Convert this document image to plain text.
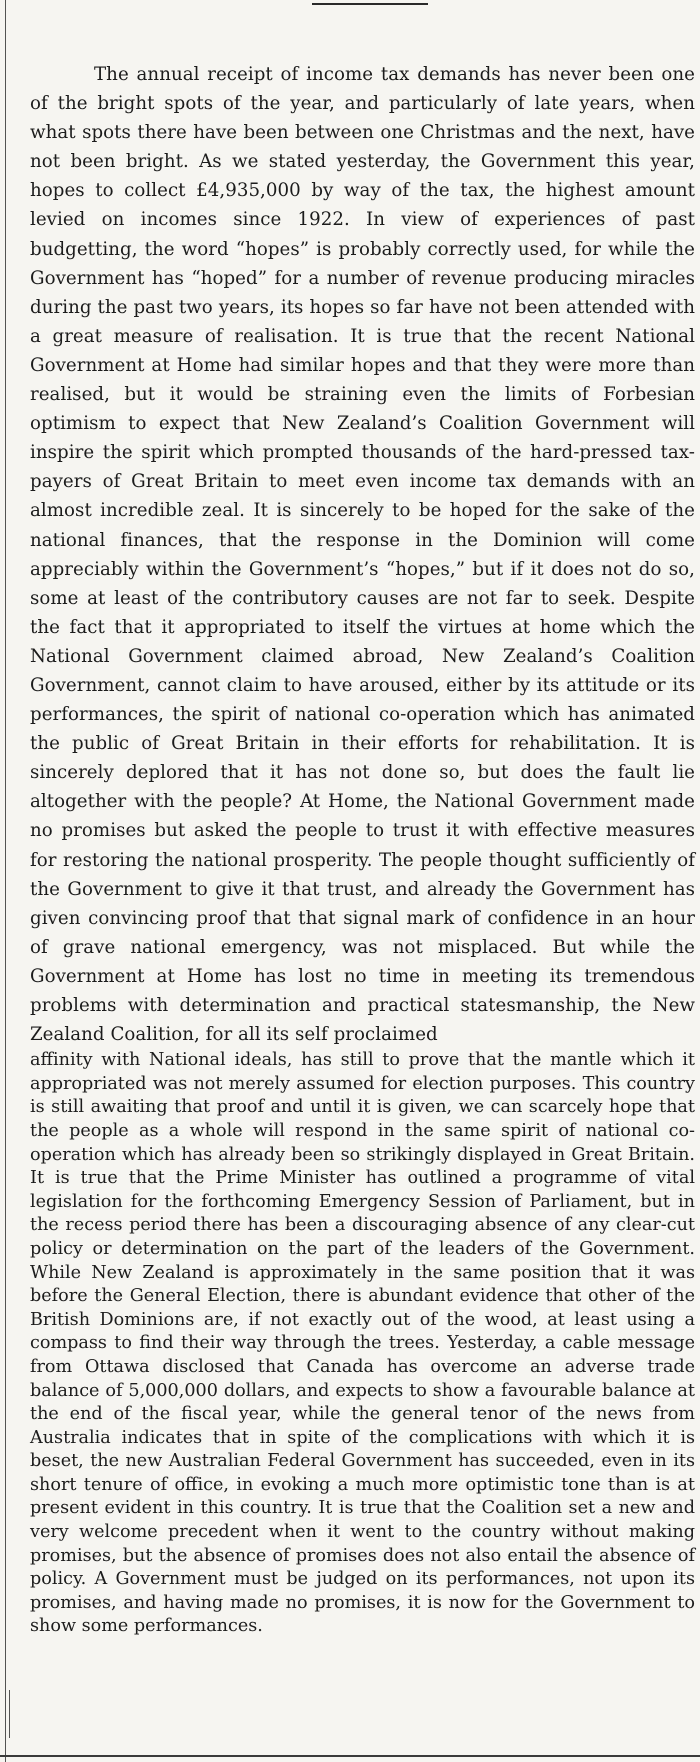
The annual receipt of income tax demands has never been one of the bright spots of the year, and particularly of late years, when what spots there have been between one Christmas and the next, have not been bright. As we stated yesterday, the Government this year, hopes to collect £4,935,000 by way of the tax, the highest amount levied on incomes since 1922. In view of experiences of past budgetting, the word “hopes” is probably correctly used, for while the Government has “hoped” for a number of revenue producing miracles during the past two years, its hopes so far have not been attended with a great measure of realisation. It is true that the recent National Government at Home had similar hopes and that they were more than realised, but it would be straining even the limits of Forbesian optimism to expect that New Zealand’s Coalition Government will inspire the spirit which prompted thousands of the hard-pressed tax-payers of Great Britain to meet even income tax demands with an almost incredible zeal. It is sincerely to be hoped for the sake of the national finances, that the response in the Dominion will come appreciably within the Government’s “hopes,” but if it does not do so, some at least of the contributory causes are not far to seek. Despite the fact that it appropriated to itself the virtues at home which the National Government claimed abroad, New Zealand’s Coalition Government, cannot claim to have aroused, either by its attitude or its performances, the spirit of national co-operation which has animated the public of Great Britain in their efforts for rehabilitation. It is sincerely deplored that it has not done so, but does the fault lie altogether with the people? At Home, the National Government made no promises but asked the people to trust it with effective measures for restoring the national prosperity. The people thought sufficiently of the Government to give it that trust, and already the Government has given convincing proof that that signal mark of confidence in an hour of grave national emergency, was not misplaced. But while the Government at Home has lost no time in meeting its tremendous problems with determination and practical statesmanship, the New Zealand Coalition, for all its self proclaimed

affinity with National ideals, has still to prove that the mantle which it appropriated was not merely assumed for election purposes. This country is still awaiting that proof and until it is given, we can scarcely hope that the people as a whole will respond in the same spirit of national co-operation which has already been so strikingly displayed in Great Britain. It is true that the Prime Minister has outlined a programme of vital legislation for the forthcoming Emergency Session of Parliament, but in the recess period there has been a discouraging absence of any clear-cut policy or determination on the part of the leaders of the Government. While New Zealand is approximately in the same position that it was before the General Election, there is abundant evidence that other of the British Dominions are, if not exactly out of the wood, at least using a compass to find their way through the trees. Yesterday, a cable message from Ottawa disclosed that Canada has overcome an adverse trade balance of 5,000,000 dollars, and expects to show a favourable balance at the end of the fiscal year, while the general tenor of the news from Australia indicates that in spite of the complications with which it is beset, the new Australian Federal Government has succeeded, even in its short tenure of office, in evoking a much more optimistic tone than is at present evident in this country. It is true that the Coalition set a new and very welcome precedent when it went to the country without making promises, but the absence of promises does not also entail the absence of policy. A Government must be judged on its performances, not upon its promises, and having made no promises, it is now for the Government to show some performances.
